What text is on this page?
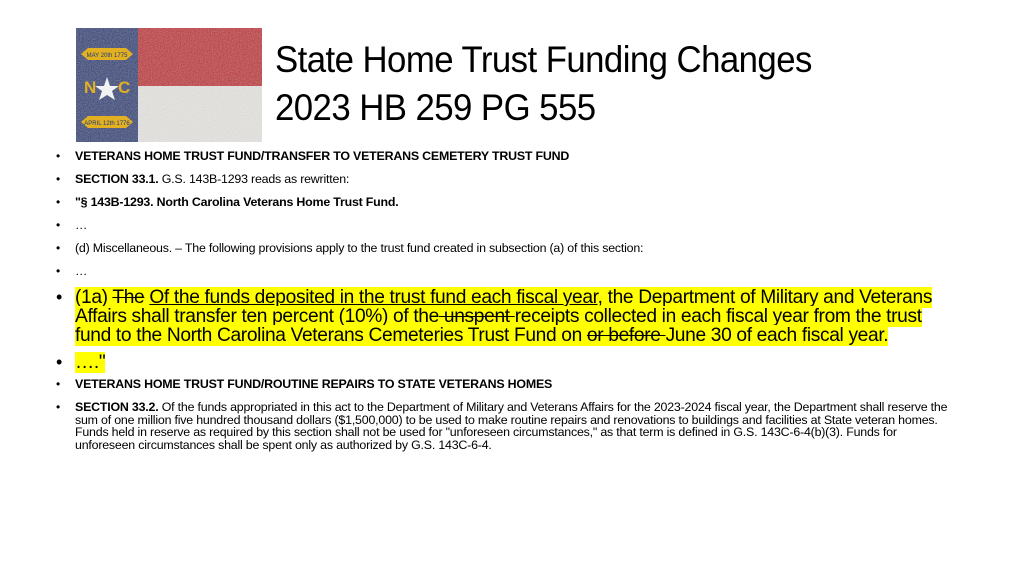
MAY 20th 1775
N C
APRIL 12th 1776
State Home Trust Funding Changes
2023 HB 259 PG 555
• VETERANS HOME TRUST FUND/TRANSFER TO VETERANS CEMETERY TRUST FUND
• SECTION 33.1. G.S. 143B-1293 reads as rewritten:
• "§ 143B-1293. North Carolina Veterans Home Trust Fund.
• …
• (d) Miscellaneous. – The following provisions apply to the trust fund created in subsection (a) of this section:
• …
• (1a) The Of the funds deposited in the trust fund each fiscal year, the Department of Military and Veterans Affairs shall transfer ten percent (10%) of the unspent receipts collected in each fiscal year from the trust fund to the North Carolina Veterans Cemeteries Trust Fund on or before June 30 of each fiscal year.
• …."
• VETERANS HOME TRUST FUND/ROUTINE REPAIRS TO STATE VETERANS HOMES
• SECTION 33.2. Of the funds appropriated in this act to the Department of Military and Veterans Affairs for the 2023-2024 fiscal year, the Department shall reserve the sum of one million five hundred thousand dollars ($1,500,000) to be used to make routine repairs and renovations to buildings and facilities at State veteran homes. Funds held in reserve as required by this section shall not be used for "unforeseen circumstances," as that term is defined in G.S. 143C-6-4(b)(3). Funds for unforeseen circumstances shall be spent only as authorized by G.S. 143C-6-4.
